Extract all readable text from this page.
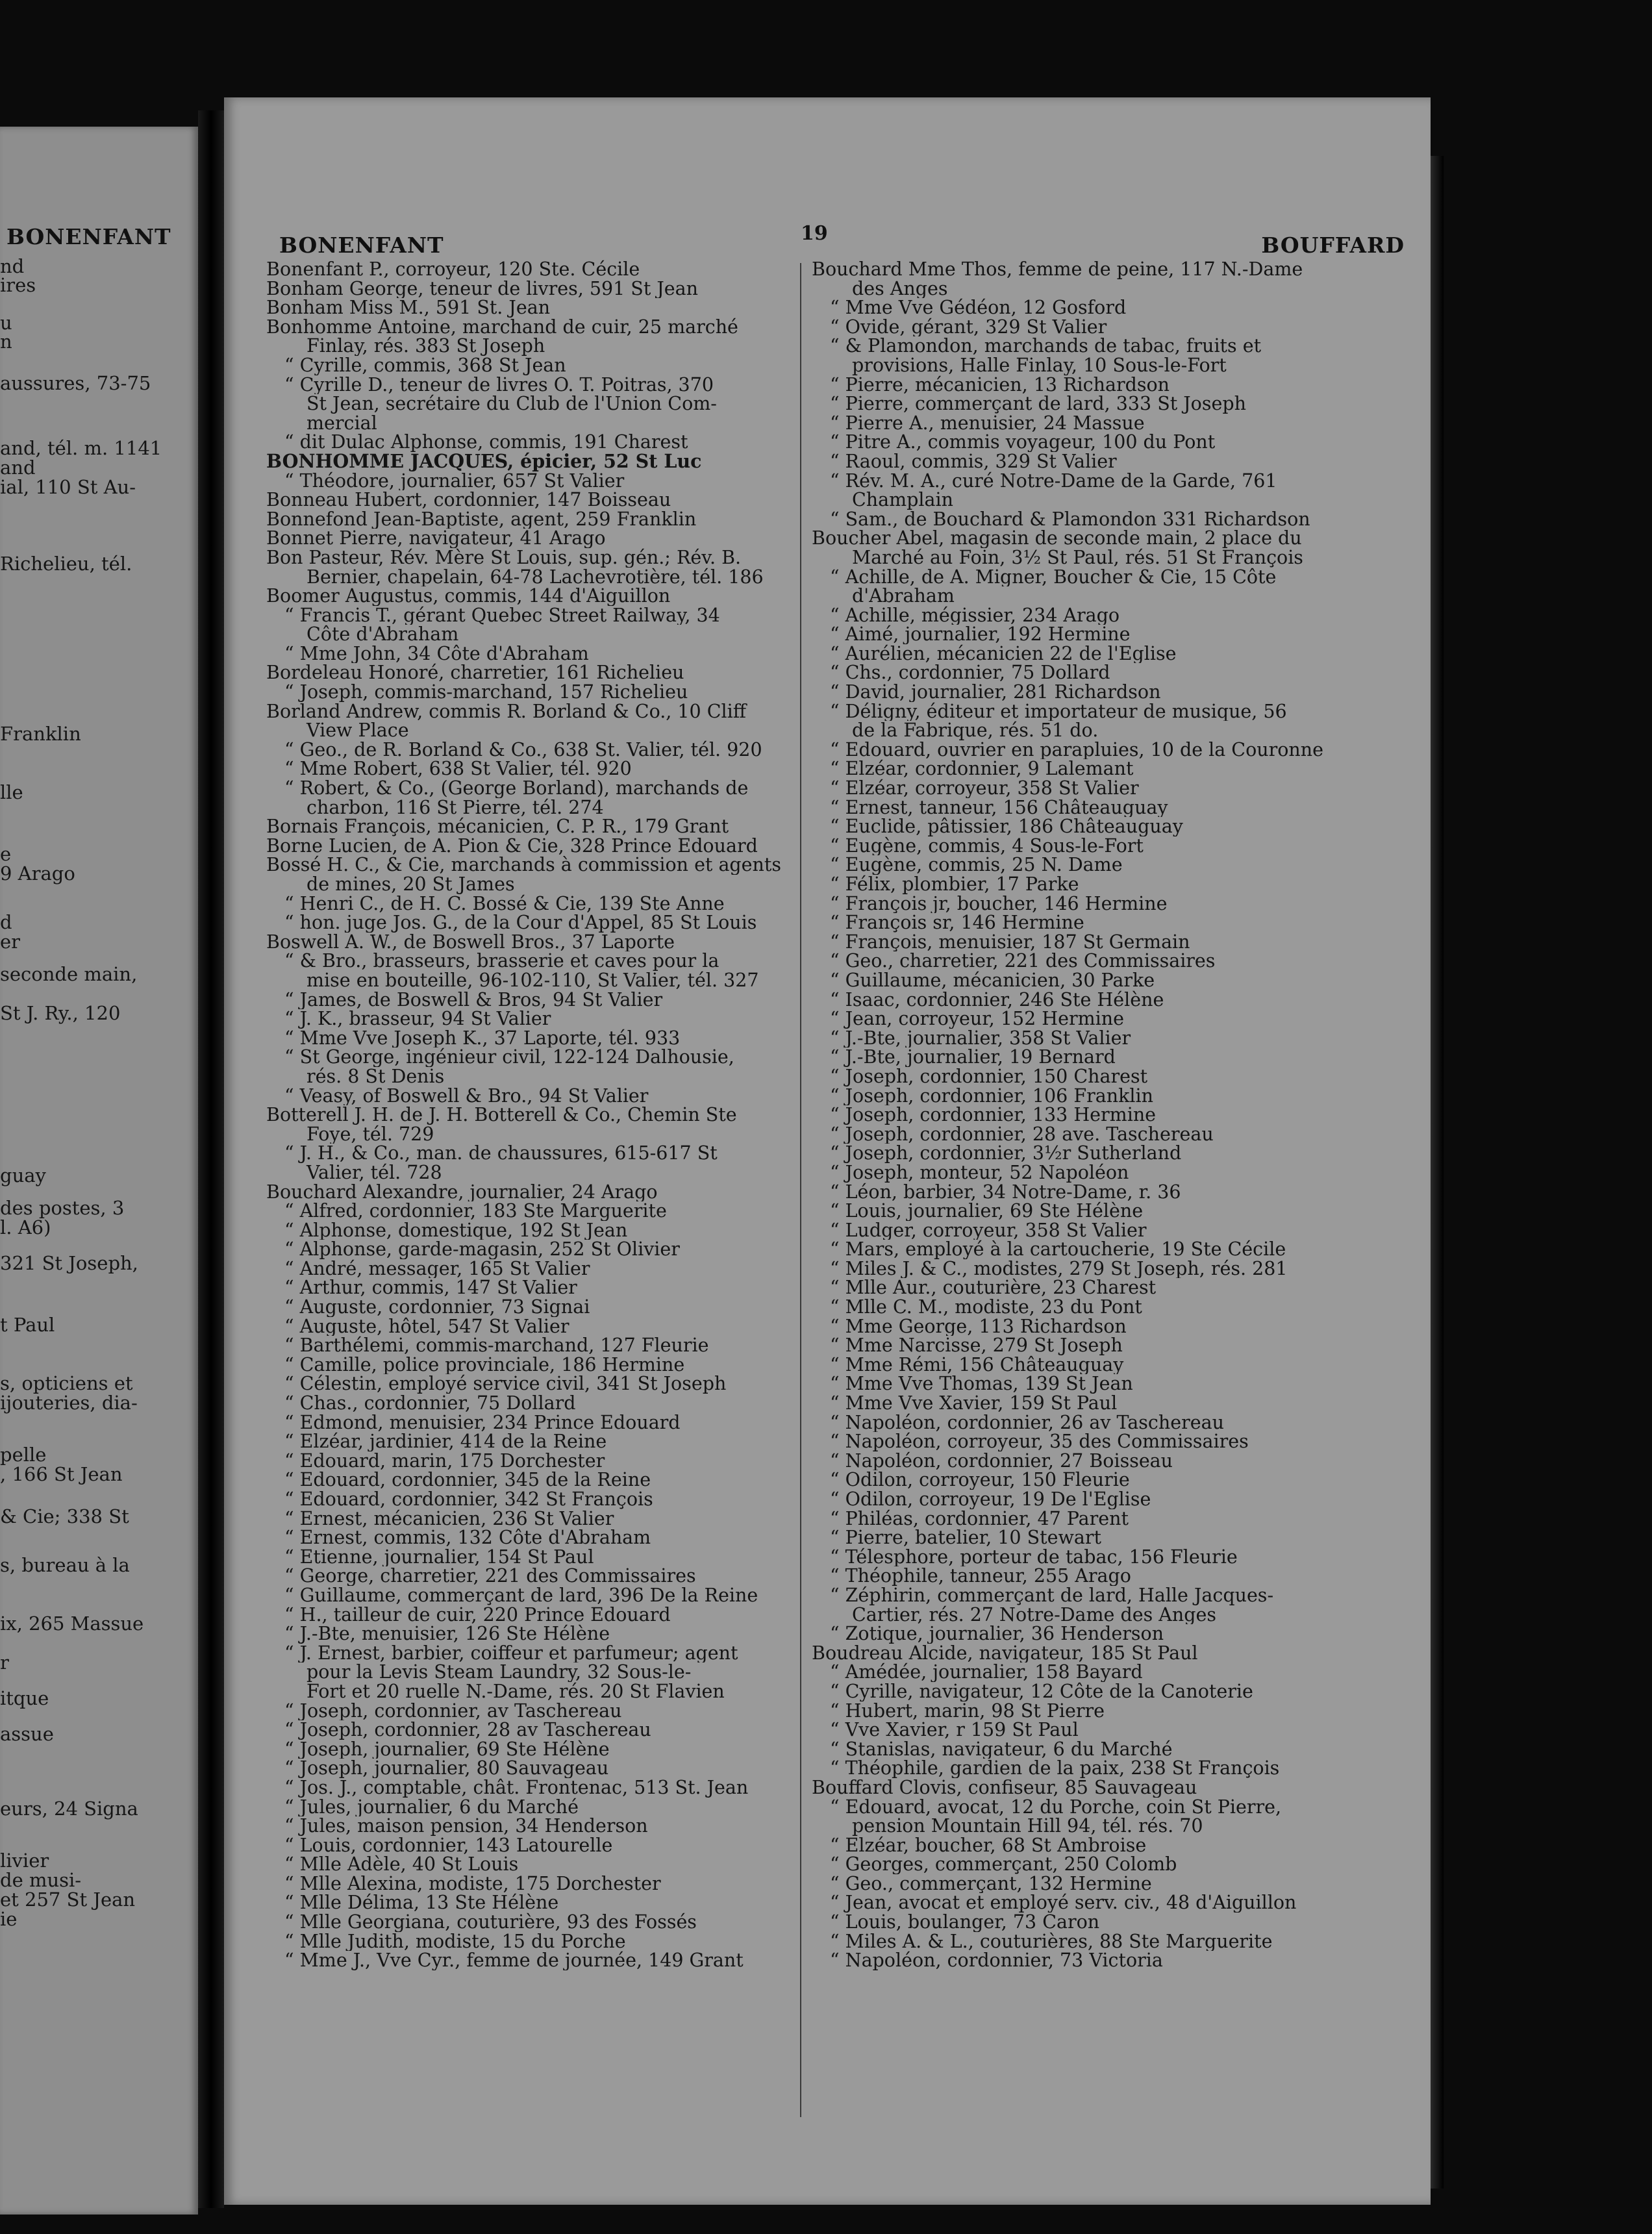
BONENFANT
nd
ires
u
n
aussures, 73-75
and, tél. m. 1141
and
ial, 110 St Au-
Richelieu, tél.
Franklin
lle
e
9 Arago
d
er
seconde main,
St J. Ry., 120
guay
des postes, 3
l. A6)
321 St Joseph,
t Paul
s, opticiens et
ijouteries, dia-
pelle
, 166 St Jean
& Cie; 338 St
s, bureau à la
ix, 265 Massue
r
itque
assue
eurs, 24 Signa
livier
de musi-
et 257 St Jean
ie
BONENFANT	19	BOUFFARD
Bonenfant P., corroyeur, 120 Ste. Cécile
Bonham George, teneur de livres, 591 St Jean
Bonham Miss M., 591 St. Jean
Bonhomme Antoine, marchand de cuir, 25 marché
Finlay, rés. 383 St Joseph
“ Cyrille, commis, 368 St Jean
“ Cyrille D., teneur de livres O. T. Poitras, 370
St Jean, secrétaire du Club de l'Union Com-
mercial
“ dit Dulac Alphonse, commis, 191 Charest
BONHOMME JACQUES, épicier, 52 St Luc
“ Théodore, journalier, 657 St Valier
Bonneau Hubert, cordonnier, 147 Boisseau
Bonnefond Jean-Baptiste, agent, 259 Franklin
Bonnet Pierre, navigateur, 41 Arago
Bon Pasteur, Rév. Mère St Louis, sup. gén.; Rév. B.
Bernier, chapelain, 64-78 Lachevrotière, tél. 186
Boomer Augustus, commis, 144 d'Aiguillon
“ Francis T., gérant Quebec Street Railway, 34
Côte d'Abraham
“ Mme John, 34 Côte d'Abraham
Bordeleau Honoré, charretier, 161 Richelieu
“ Joseph, commis-marchand, 157 Richelieu
Borland Andrew, commis R. Borland & Co., 10 Cliff
View Place
“ Geo., de R. Borland & Co., 638 St. Valier, tél. 920
“ Mme Robert, 638 St Valier, tél. 920
“ Robert, & Co., (George Borland), marchands de
charbon, 116 St Pierre, tél. 274
Bornais François, mécanicien, C. P. R., 179 Grant
Borne Lucien, de A. Pion & Cie, 328 Prince Edouard
Bossé H. C., & Cie, marchands à commission et agents
de mines, 20 St James
“ Henri C., de H. C. Bossé & Cie, 139 Ste Anne
“ hon. juge Jos. G., de la Cour d'Appel, 85 St Louis
Boswell A. W., de Boswell Bros., 37 Laporte
“ & Bro., brasseurs, brasserie et caves pour la
mise en bouteille, 96-102-110, St Valier, tél. 327
“ James, de Boswell & Bros, 94 St Valier
“ J. K., brasseur, 94 St Valier
“ Mme Vve Joseph K., 37 Laporte, tél. 933
“ St George, ingénieur civil, 122-124 Dalhousie,
rés. 8 St Denis
“ Veasy, of Boswell & Bro., 94 St Valier
Botterell J. H. de J. H. Botterell & Co., Chemin Ste
Foye, tél. 729
“ J. H., & Co., man. de chaussures, 615-617 St
Valier, tél. 728
Bouchard Alexandre, journalier, 24 Arago
“ Alfred, cordonnier, 183 Ste Marguerite
“ Alphonse, domestique, 192 St Jean
“ Alphonse, garde-magasin, 252 St Olivier
“ André, messager, 165 St Valier
“ Arthur, commis, 147 St Valier
“ Auguste, cordonnier, 73 Signai
“ Auguste, hôtel, 547 St Valier
“ Barthélemi, commis-marchand, 127 Fleurie
“ Camille, police provinciale, 186 Hermine
“ Célestin, employé service civil, 341 St Joseph
“ Chas., cordonnier, 75 Dollard
“ Edmond, menuisier, 234 Prince Edouard
“ Elzéar, jardinier, 414 de la Reine
“ Edouard, marin, 175 Dorchester
“ Edouard, cordonnier, 345 de la Reine
“ Edouard, cordonnier, 342 St François
“ Ernest, mécanicien, 236 St Valier
“ Ernest, commis, 132 Côte d'Abraham
“ Etienne, journalier, 154 St Paul
“ George, charretier, 221 des Commissaires
“ Guillaume, commerçant de lard, 396 De la Reine
“ H., tailleur de cuir, 220 Prince Edouard
“ J.-Bte, menuisier, 126 Ste Hélène
“ J. Ernest, barbier, coiffeur et parfumeur; agent
pour la Levis Steam Laundry, 32 Sous-le-
Fort et 20 ruelle N.-Dame, rés. 20 St Flavien
“ Joseph, cordonnier, av Taschereau
“ Joseph, cordonnier, 28 av Taschereau
“ Joseph, journalier, 69 Ste Hélène
“ Joseph, journalier, 80 Sauvageau
“ Jos. J., comptable, chât. Frontenac, 513 St. Jean
“ Jules, journalier, 6 du Marché
“ Jules, maison pension, 34 Henderson
“ Louis, cordonnier, 143 Latourelle
“ Mlle Adèle, 40 St Louis
“ Mlle Alexina, modiste, 175 Dorchester
“ Mlle Délima, 13 Ste Hélène
“ Mlle Georgiana, couturière, 93 des Fossés
“ Mlle Judith, modiste, 15 du Porche
“ Mme J., Vve Cyr., femme de journée, 149 Grant
Bouchard Mme Thos, femme de peine, 117 N.-Dame
des Anges
“ Mme Vve Gédéon, 12 Gosford
“ Ovide, gérant, 329 St Valier
“ & Plamondon, marchands de tabac, fruits et
provisions, Halle Finlay, 10 Sous-le-Fort
“ Pierre, mécanicien, 13 Richardson
“ Pierre, commerçant de lard, 333 St Joseph
“ Pierre A., menuisier, 24 Massue
“ Pitre A., commis voyageur, 100 du Pont
“ Raoul, commis, 329 St Valier
“ Rév. M. A., curé Notre-Dame de la Garde, 761
Champlain
“ Sam., de Bouchard & Plamondon 331 Richardson
Boucher Abel, magasin de seconde main, 2 place du
Marché au Foin, 3½ St Paul, rés. 51 St François
“ Achille, de A. Migner, Boucher & Cie, 15 Côte
d'Abraham
“ Achille, mégissier, 234 Arago
“ Aimé, journalier, 192 Hermine
“ Aurélien, mécanicien 22 de l'Eglise
“ Chs., cordonnier, 75 Dollard
“ David, journalier, 281 Richardson
“ Déligny, éditeur et importateur de musique, 56
de la Fabrique, rés. 51 do.
“ Edouard, ouvrier en parapluies, 10 de la Couronne
“ Elzéar, cordonnier, 9 Lalemant
“ Elzéar, corroyeur, 358 St Valier
“ Ernest, tanneur, 156 Châteauguay
“ Euclide, pâtissier, 186 Châteauguay
“ Eugène, commis, 4 Sous-le-Fort
“ Eugène, commis, 25 N. Dame
“ Félix, plombier, 17 Parke
“ François jr, boucher, 146 Hermine
“ François sr, 146 Hermine
“ François, menuisier, 187 St Germain
“ Geo., charretier, 221 des Commissaires
“ Guillaume, mécanicien, 30 Parke
“ Isaac, cordonnier, 246 Ste Hélène
“ Jean, corroyeur, 152 Hermine
“ J.-Bte, journalier, 358 St Valier
“ J.-Bte, journalier, 19 Bernard
“ Joseph, cordonnier, 150 Charest
“ Joseph, cordonnier, 106 Franklin
“ Joseph, cordonnier, 133 Hermine
“ Joseph, cordonnier, 28 ave. Taschereau
“ Joseph, cordonnier, 3½r Sutherland
“ Joseph, monteur, 52 Napoléon
“ Léon, barbier, 34 Notre-Dame, r. 36
“ Louis, journalier, 69 Ste Hélène
“ Ludger, corroyeur, 358 St Valier
“ Mars, employé à la cartoucherie, 19 Ste Cécile
“ Miles J. & C., modistes, 279 St Joseph, rés. 281
“ Mlle Aur., couturière, 23 Charest
“ Mlle C. M., modiste, 23 du Pont
“ Mme George, 113 Richardson
“ Mme Narcisse, 279 St Joseph
“ Mme Rémi, 156 Châteauguay
“ Mme Vve Thomas, 139 St Jean
“ Mme Vve Xavier, 159 St Paul
“ Napoléon, cordonnier, 26 av Taschereau
“ Napoléon, corroyeur, 35 des Commissaires
“ Napoléon, cordonnier, 27 Boisseau
“ Odilon, corroyeur, 150 Fleurie
“ Odilon, corroyeur, 19 De l'Eglise
“ Philéas, cordonnier, 47 Parent
“ Pierre, batelier, 10 Stewart
“ Télesphore, porteur de tabac, 156 Fleurie
“ Théophile, tanneur, 255 Arago
“ Zéphirin, commerçant de lard, Halle Jacques-
Cartier, rés. 27 Notre-Dame des Anges
“ Zotique, journalier, 36 Henderson
Boudreau Alcide, navigateur, 185 St Paul
“ Amédée, journalier, 158 Bayard
“ Cyrille, navigateur, 12 Côte de la Canoterie
“ Hubert, marin, 98 St Pierre
“ Vve Xavier, r 159 St Paul
“ Stanislas, navigateur, 6 du Marché
“ Théophile, gardien de la paix, 238 St François
Bouffard Clovis, confiseur, 85 Sauvageau
“ Edouard, avocat, 12 du Porche, coin St Pierre,
pension Mountain Hill 94, tél. rés. 70
“ Elzéar, boucher, 68 St Ambroise
“ Georges, commerçant, 250 Colomb
“ Geo., commerçant, 132 Hermine
“ Jean, avocat et employé serv. civ., 48 d'Aiguillon
“ Louis, boulanger, 73 Caron
“ Miles A. & L., couturières, 88 Ste Marguerite
“ Napoléon, cordonnier, 73 Victoria
